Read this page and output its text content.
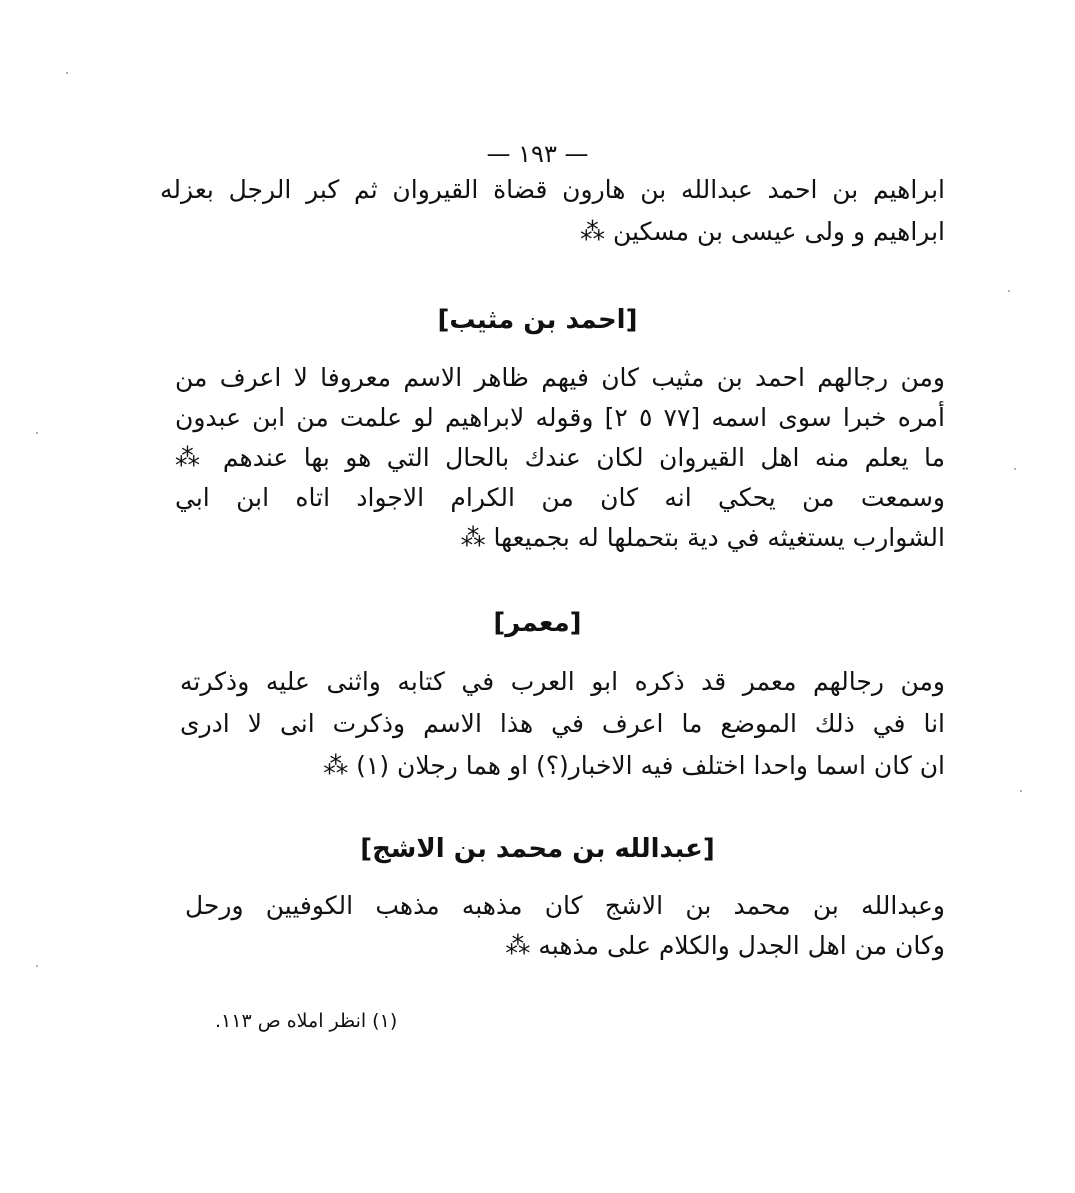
— ١٩٣ —
ابراهيم بن احمد عبدالله بن هارون قضاة القيروان ثم كبر الرجل بعزله
ابراهيم و ولى عيسى بن مسكين ⁂
[احمد بن مثيب]
ومن رجالهم احمد بن مثيب كان فيهم ظاهر الاسم معروفا لا اعرف من
أمره خبرا سوى اسمه [٧٧ ٥ ٢] وقوله لابراهيم لو علمت من ابن عبدون
ما يعلم منه اهل القيروان لكان عندك بالحال التي هو بها عندهم ⁂
وسمعت من يحكي انه كان من الكرام الاجواد اتاه ابن ابي
الشوارب يستغيثه في دية بتحملها له بجميعها ⁂
[معمر]
ومن رجالهم معمر قد ذكره ابو العرب في كتابه واثنى عليه وذكرته
انا في ذلك الموضع ما اعرف في هذا الاسم وذكرت انى لا ادرى
ان كان اسما واحدا اختلف فيه الاخبار(؟) او هما رجلان (١) ⁂
[عبدالله بن محمد بن الاشج]
وعبدالله بن محمد بن الاشج كان مذهبه مذهب الكوفيين ورحل
وكان من اهل الجدل والكلام على مذهبه ⁂
(١) انظر املاه ص ١١٣.
